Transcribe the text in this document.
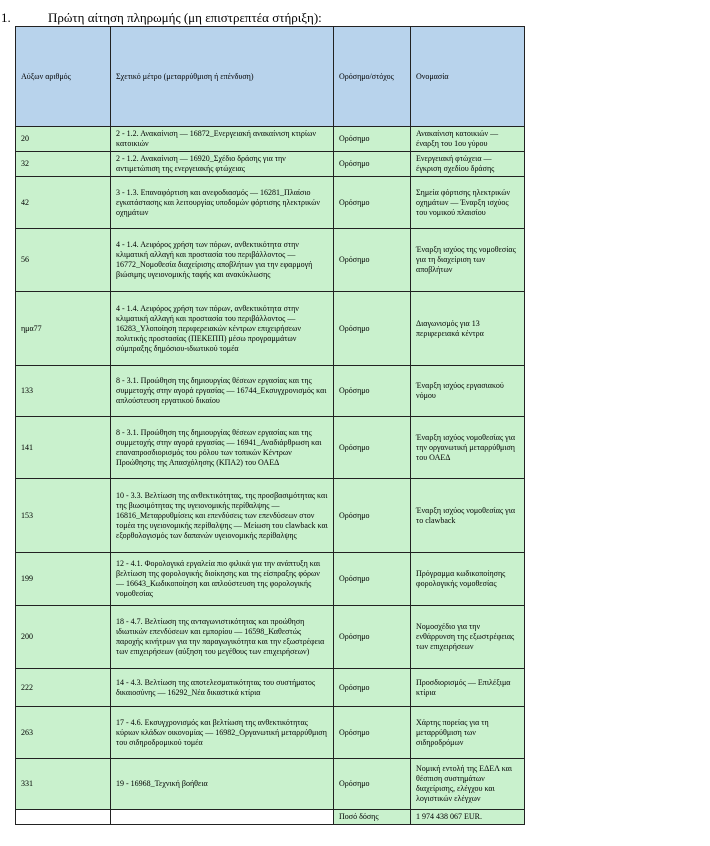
1.	Πρώτη αίτηση πληρωμής (μη επιστρεπτέα στήριξη):
Αύξων αριθμός	Σχετικό μέτρο (μεταρρύθμιση ή επένδυση)	Ορόσημο/στόχος	Ονομασία
20	2 - 1.2. Ανακαίνιση — 16872_Ενεργειακή ανακαίνιση κτιρίων κατοικιών	Ορόσημο	Ανακαίνιση κατοικιών — έναρξη του 1ου γύρου
32	2 - 1.2. Ανακαίνιση — 16920_Σχέδιο δράσης για την αντιμετώπιση της ενεργειακής φτώχειας	Ορόσημο	Ενεργειακή φτώχεια — έγκριση σχεδίου δράσης
42	3 - 1.3. Επαναφόρτιση και ανεφοδιασμός — 16281_Πλαίσιο εγκατάστασης και λειτουργίας υποδομών φόρτισης ηλεκτρικών οχημάτων	Ορόσημο	Σημεία φόρτισης ηλεκτρικών οχημάτων — Έναρξη ισχύος του νομικού πλαισίου
56	4 - 1.4. Αειφόρος χρήση των πόρων, ανθεκτικότητα στην κλιματική αλλαγή και προστασία του περιβάλλοντος — 16772_Νομοθεσία διαχείρισης αποβλήτων για την εφαρμογή βιώσιμης υγειονομικής ταφής και ανακύκλωσης	Ορόσημο	Έναρξη ισχύος της νομοθεσίας για τη διαχείριση των αποβλήτων
ημα77	4 - 1.4. Αειφόρος χρήση των πόρων, ανθεκτικότητα στην κλιματική αλλαγή και προστασία του περιβάλλοντος — 16283_Υλοποίηση περιφερειακών κέντρων επιχειρήσεων πολιτικής προστασίας (ΠΕΚΕΠΠ) μέσω προγραμμάτων σύμπραξης δημόσιου-ιδιωτικού τομέα	Ορόσημο	Διαγωνισμός για 13 περιφερειακά κέντρα
133	8 - 3.1. Προώθηση της δημιουργίας θέσεων εργασίας και της συμμετοχής στην αγορά εργασίας — 16744_Εκσυγχρονισμός και απλούστευση εργατικού δικαίου	Ορόσημο	Έναρξη ισχύος εργασιακού νόμου
141	8 - 3.1. Προώθηση της δημιουργίας θέσεων εργασίας και της συμμετοχής στην αγορά εργασίας — 16941_Αναδιάρθρωση και επαναπροσδιορισμός του ρόλου των τοπικών Κέντρων Προώθησης της Απασχόλησης (ΚΠΑ2) του ΟΑΕΔ	Ορόσημο	Έναρξη ισχύος νομοθεσίας για την οργανωτική μεταρρύθμιση του ΟΑΕΔ
153	10 - 3.3. Βελτίωση της ανθεκτικότητας, της προσβασιμότητας και της βιωσιμότητας της υγειονομικής περίθαλψης — 16816_Μεταρρυθμίσεις και επενδύσεις των επενδύσεων στον τομέα της υγειονομικής περίθαλψης — Μείωση του clawback και εξορθολογισμός των δαπανών υγειονομικής περίθαλψης	Ορόσημο	Έναρξη ισχύος νομοθεσίας για το clawback
199	12 - 4.1. Φορολογικά εργαλεία πιο φιλικά για την ανάπτυξη και βελτίωση της φορολογικής διοίκησης και της είσπραξης φόρων — 16643_Κωδικοποίηση και απλούστευση της φορολογικής νομοθεσίας	Ορόσημο	Πρόγραμμα κωδικοποίησης φορολογικής νομοθεσίας
200	18 - 4.7. Βελτίωση της ανταγωνιστικότητας και προώθηση ιδιωτικών επενδύσεων και εμπορίου — 16598_Καθεστώς παροχής κινήτρων για την παραγωγικότητα και την εξωστρέφεια των επιχειρήσεων (αύξηση του μεγέθους των επιχειρήσεων)	Ορόσημο	Νομοσχέδιο για την ενθάρρυνση της εξωστρέφειας των επιχειρήσεων
222	14 - 4.3. Βελτίωση της αποτελεσματικότητας του συστήματος δικαιοσύνης — 16292_Νέα δικαστικά κτίρια	Ορόσημο	Προσδιορισμός — Επιλέξιμα κτίρια
263	17 - 4.6. Εκσυγχρονισμός και βελτίωση της ανθεκτικότητας κύριων κλάδων οικονομίας — 16982_Οργανωτική μεταρρύθμιση του σιδηροδρομικού τομέα	Ορόσημο	Χάρτης πορείας για τη μεταρρύθμιση των σιδηροδρόμων
331	19 - 16968_Τεχνική βοήθεια	Ορόσημο	Νομική εντολή της ΕΔΕΛ και θέσπιση συστημάτων διαχείρισης, ελέγχου και λογιστικών ελέγχων
		Ποσό δόσης	1 974 438 067 EUR.
